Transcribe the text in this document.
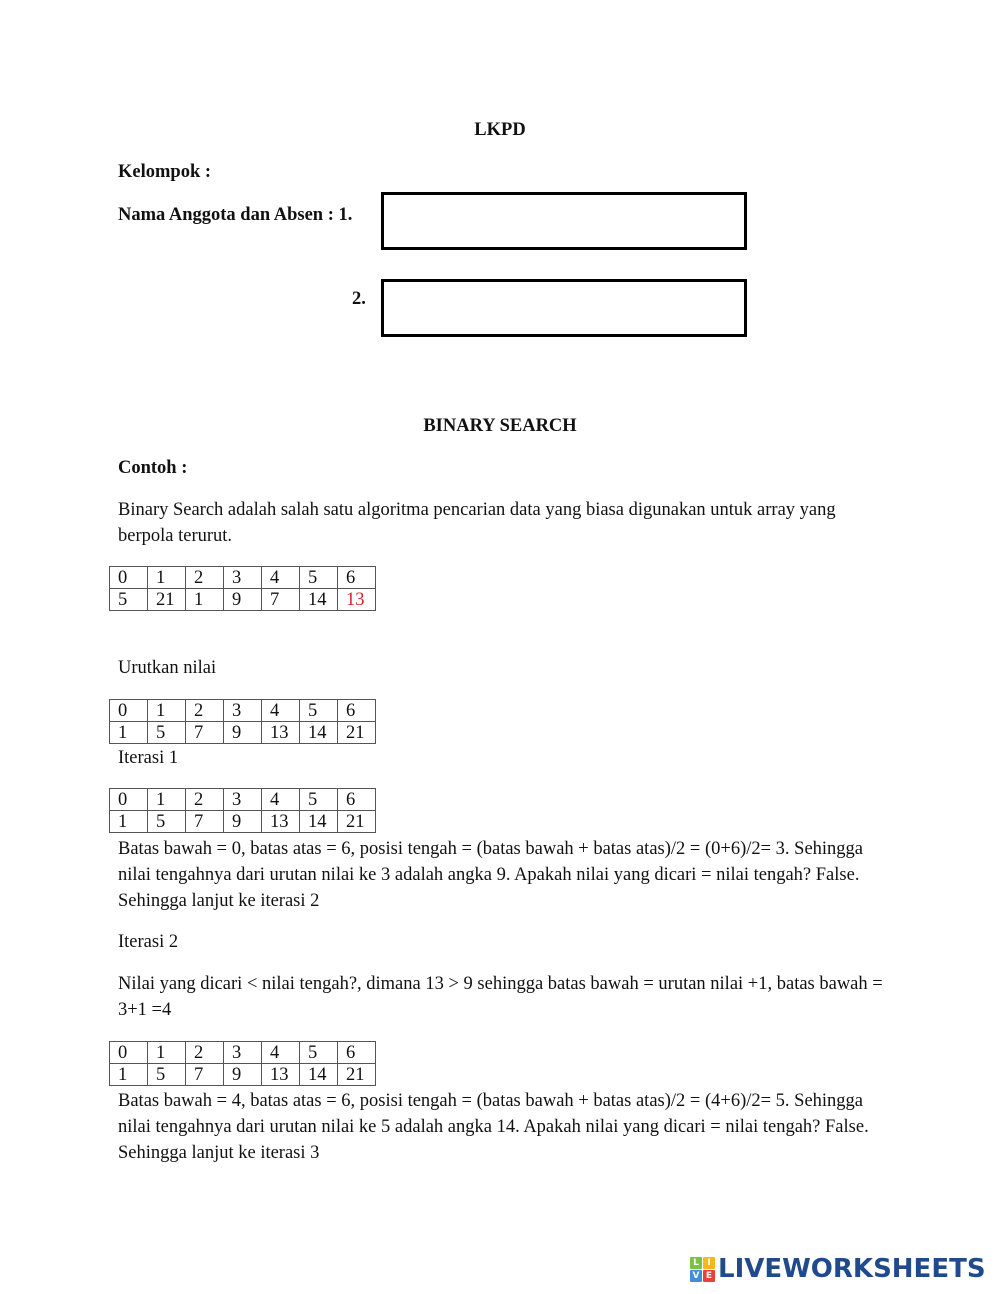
LKPD
Kelompok :
Nama Anggota dan Absen : 1.
2.
BINARY SEARCH
Contoh :
Binary Search adalah salah satu algoritma pencarian data yang biasa digunakan untuk array yang berpola terurut.
0	1	2	3	4	5	6
5	21	1	9	7	14	13
Urutkan nilai
0	1	2	3	4	5	6
1	5	7	9	13	14	21
Iterasi 1
0	1	2	3	4	5	6
1	5	7	9	13	14	21
Batas bawah = 0, batas atas = 6, posisi tengah = (batas bawah + batas atas)/2 = (0+6)/2= 3. Sehingga nilai tengahnya dari urutan nilai ke 3 adalah angka 9. Apakah nilai yang dicari = nilai tengah? False. Sehingga lanjut ke iterasi 2
Iterasi 2
Nilai yang dicari < nilai tengah?, dimana 13 > 9 sehingga batas bawah = urutan nilai +1, batas bawah = 3+1 =4
0	1	2	3	4	5	6
1	5	7	9	13	14	21
Batas bawah = 4, batas atas = 6, posisi tengah = (batas bawah + batas atas)/2 = (4+6)/2= 5. Sehingga nilai tengahnya dari urutan nilai ke 5 adalah angka 14. Apakah nilai yang dicari = nilai tengah? False. Sehingga lanjut ke iterasi 3
L I
V E LIVEWORKSHEETS
